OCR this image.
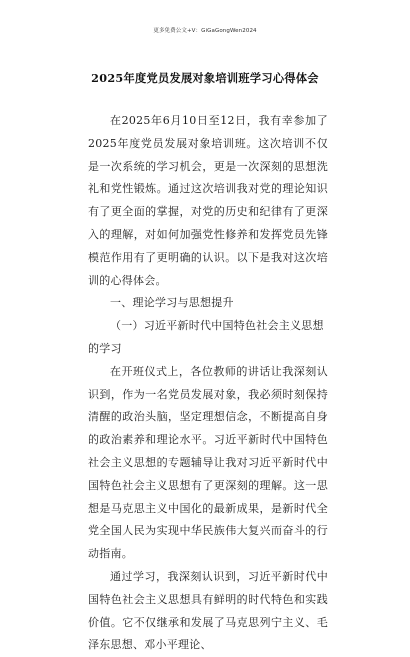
更多免费公文+V：GiGaGongWen2024
2025年度党员发展对象培训班学习心得体会

在2025年6月10日至12日，我有幸参加了2025年度党员发展对象培训班。这次培训不仅是一次系统的学习机会，更是一次深刻的思想洗礼和党性锻炼。通过这次培训我对党的理论知识有了更全面的掌握，对党的历史和纪律有了更深入的理解，对如何加强党性修养和发挥党员先锋模范作用有了更明确的认识。以下是我对这次培训的心得体会。

一、理论学习与思想提升

（一）习近平新时代中国特色社会主义思想的学习

在开班仪式上，各位教师的讲话让我深刻认识到，作为一名党员发展对象，我必须时刻保持清醒的政治头脑，坚定理想信念，不断提高自身的政治素养和理论水平。习近平新时代中国特色社会主义思想的专题辅导让我对习近平新时代中国特色社会主义思想有了更深刻的理解。这一思想是马克思主义中国化的最新成果，是新时代全党全国人民为实现中华民族伟大复兴而奋斗的行动指南。

通过学习，我深刻认识到，习近平新时代中国特色社会主义思想具有鲜明的时代特色和实践价值。它不仅继承和发展了马克思列宁主义、毛泽东思想、邓小平理论、
